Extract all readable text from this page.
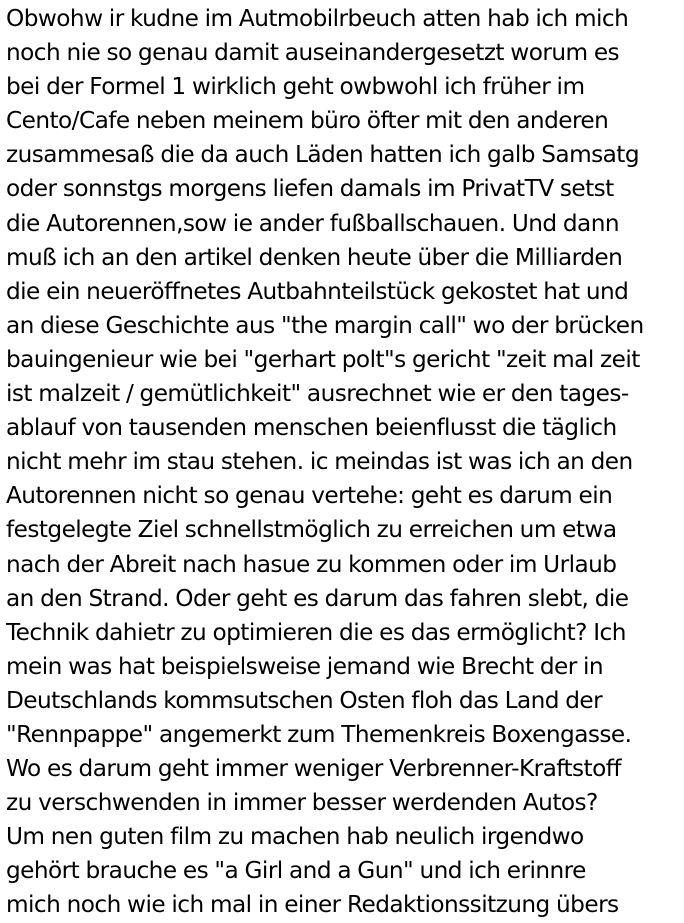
Obwohw ir kudne im Autmobilrbeuch atten hab ich mich
noch nie so genau damit auseinandergesetzt worum es
bei der Formel 1 wirklich geht owbwohl ich früher im
Cento/Cafe neben meinem büro öfter mit den anderen
zusammesaß die da auch Läden hatten ich galb Samsatg
oder sonnstgs morgens liefen damals im PrivatTV setst
die Autorennen,sow ie ander fußballschauen. Und dann
muß ich an den artikel denken heute über die Milliarden
die ein neueröffnetes Autbahnteilstück gekostet hat und
an diese Geschichte aus "the margin call" wo der brücken
bauingenieur wie bei "gerhart polt"s gericht "zeit mal zeit
ist malzeit / gemütlichkeit" ausrechnet wie er den tages-
ablauf von tausenden menschen beienflusst die täglich
nicht mehr im stau stehen. ic meindas ist was ich an den
Autorennen nicht so genau vertehe: geht es darum ein
festgelegte Ziel schnellstmöglich zu erreichen um etwa
nach der Abreit nach hasue zu kommen oder im Urlaub
an den Strand. Oder geht es darum das fahren slebt, die
Technik dahietr zu optimieren die es das ermöglicht? Ich
mein was hat beispielsweise jemand wie Brecht der in
Deutschlands kommsutschen Osten floh das Land der
"Rennpappe" angemerkt zum Themenkreis Boxengasse.
Wo es darum geht immer weniger Verbrenner-Kraftstoff
zu verschwenden in immer besser werdenden Autos?
Um nen guten film zu machen hab neulich irgendwo
gehört brauche es "a Girl and a Gun" und ich erinnre
mich noch wie ich mal in einer Redaktionssitzung übers
